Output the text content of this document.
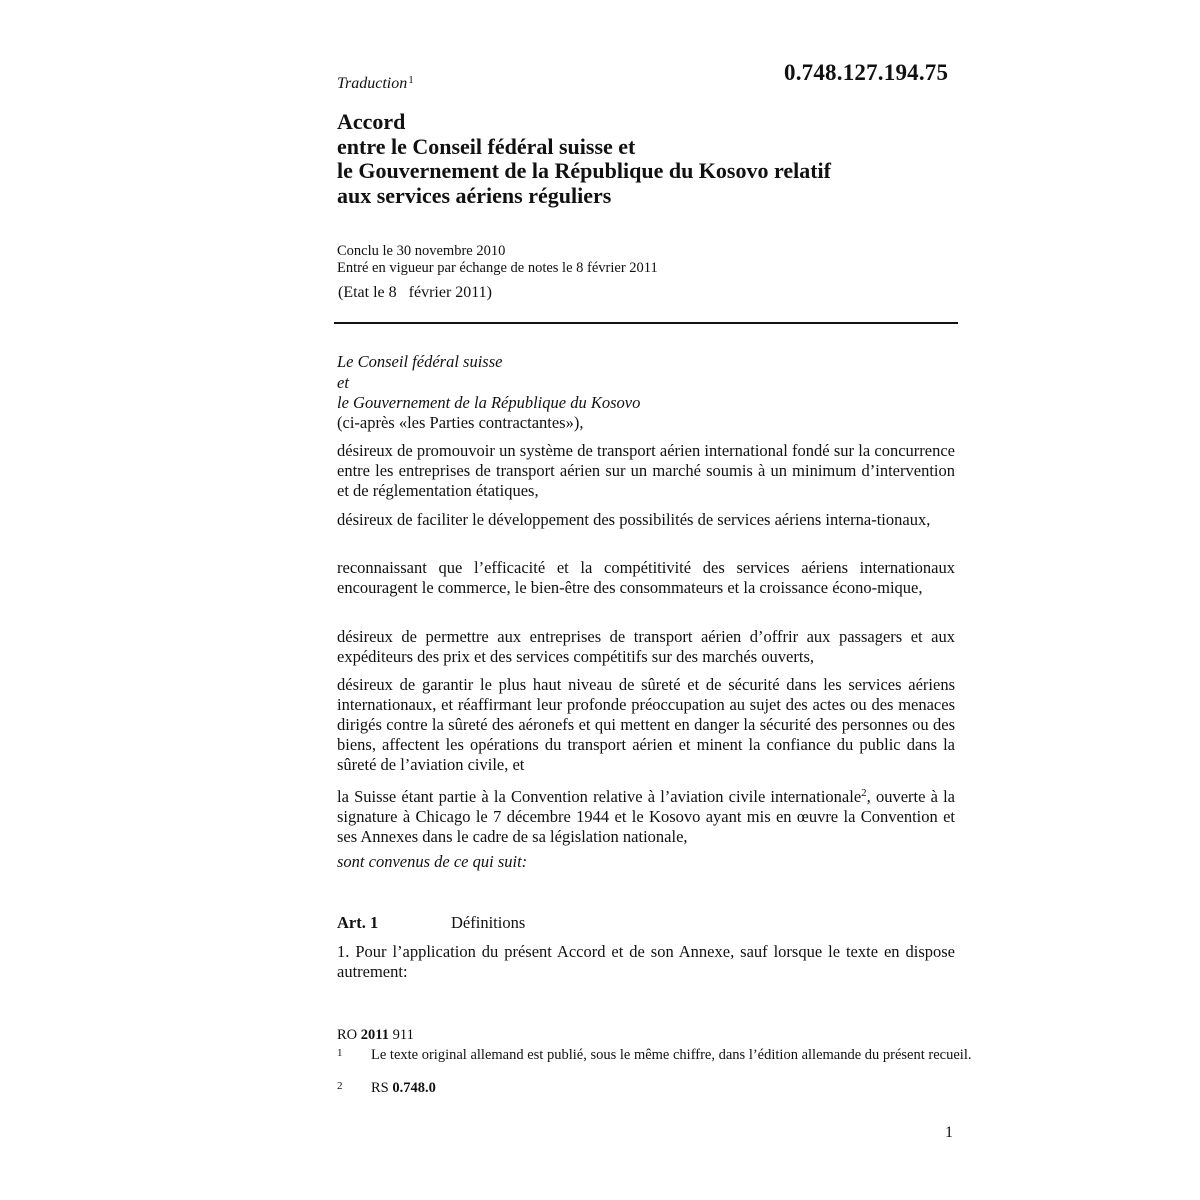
Traduction$^1$	0.748.127.194.75
Accord
entre le Conseil fédéral suisse et
le Gouvernement de la République du Kosovo relatif
aux services aériens réguliers
Conclu le 30 novembre 2010
Entré en vigueur par échange de notes le 8 février 2011
(Etat le 8   février 2011)
Le Conseil fédéral suisse
et
le Gouvernement de la République du Kosovo
(ci-après «les Parties contractantes»),
désireux de promouvoir un système de transport aérien international fondé sur la concurrence entre les entreprises de transport aérien sur un marché soumis à un minimum d’intervention et de réglementation étatiques,
désireux de faciliter le développement des possibilités de services aériens interna-tionaux,
reconnaissant que l’efficacité et la compétitivité des services aériens internationaux encouragent le commerce, le bien-être des consommateurs et la croissance écono-mique,
désireux de permettre aux entreprises de transport aérien d’offrir aux passagers et aux expéditeurs des prix et des services compétitifs sur des marchés ouverts,
désireux de garantir le plus haut niveau de sûreté et de sécurité dans les services aériens internationaux, et réaffirmant leur profonde préoccupation au sujet des actes ou des menaces dirigés contre la sûreté des aéronefs et qui mettent en danger la sécurité des personnes ou des biens, affectent les opérations du transport aérien et minent la confiance du public dans la sûreté de l’aviation civile, et
la Suisse étant partie à la Convention relative à l’aviation civile internationale$^2$, ouverte à la signature à Chicago le 7 décembre 1944 et le Kosovo ayant mis en œuvre la Convention et ses Annexes dans le cadre de sa législation nationale,
sont convenus de ce qui suit:
Art. 1	Définitions
1. Pour l’application du présent Accord et de son Annexe, sauf lorsque le texte en dispose autrement:
RO 2011 911
1 Le texte original allemand est publié, sous le même chiffre, dans l’édition allemande du présent recueil.
2 RS 0.748.0
1
